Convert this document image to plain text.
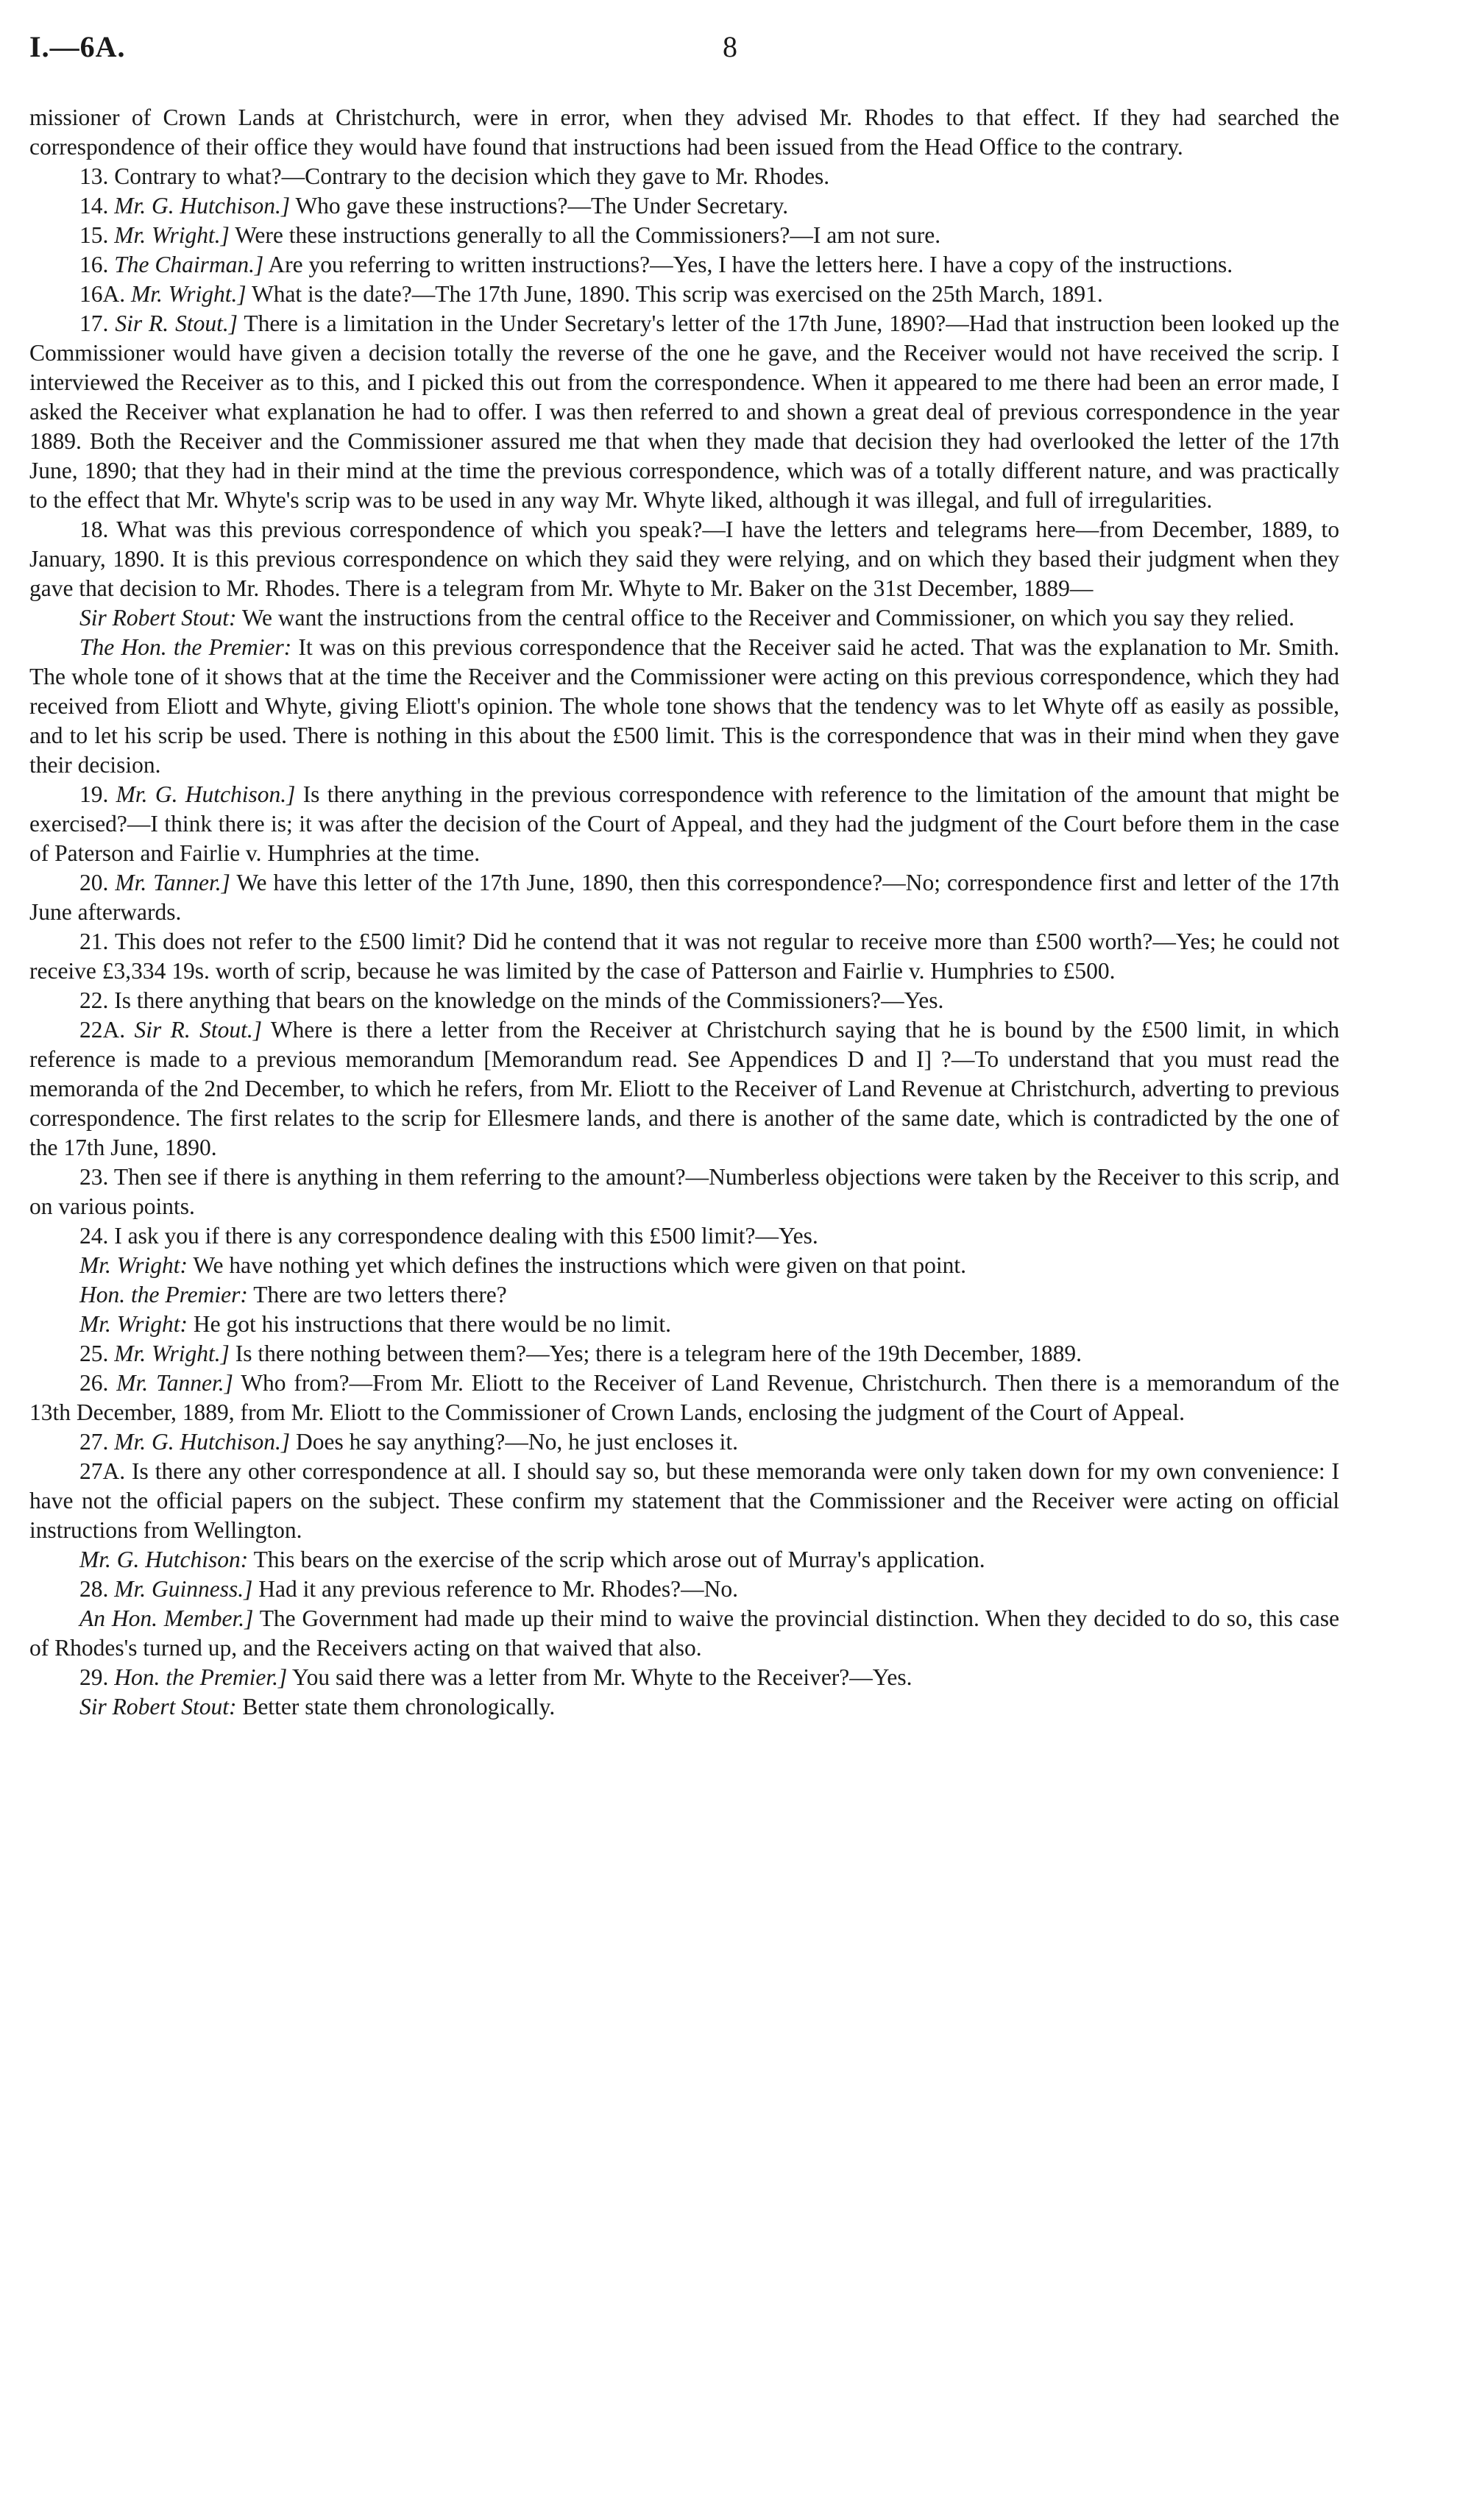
I.—6A.	8

missioner of Crown Lands at Christchurch, were in error, when they advised Mr. Rhodes to that effect. If they had searched the correspondence of their office they would have found that instructions had been issued from the Head Office to the contrary.

13. Contrary to what?—Contrary to the decision which they gave to Mr. Rhodes.

14. Mr. G. Hutchison.] Who gave these instructions?—The Under Secretary.

15. Mr. Wright.] Were these instructions generally to all the Commissioners?—I am not sure.

16. The Chairman.] Are you referring to written instructions?—Yes, I have the letters here. I have a copy of the instructions.

16A. Mr. Wright.] What is the date?—The 17th June, 1890. This scrip was exercised on the 25th March, 1891.

17. Sir R. Stout.] There is a limitation in the Under Secretary's letter of the 17th June, 1890?—Had that instruction been looked up the Commissioner would have given a decision totally the reverse of the one he gave, and the Receiver would not have received the scrip. I interviewed the Receiver as to this, and I picked this out from the correspondence. When it appeared to me there had been an error made, I asked the Receiver what explanation he had to offer. I was then referred to and shown a great deal of previous correspondence in the year 1889. Both the Receiver and the Commissioner assured me that when they made that decision they had overlooked the letter of the 17th June, 1890; that they had in their mind at the time the previous correspondence, which was of a totally different nature, and was practically to the effect that Mr. Whyte's scrip was to be used in any way Mr. Whyte liked, although it was illegal, and full of irregularities.

18. What was this previous correspondence of which you speak?—I have the letters and telegrams here—from December, 1889, to January, 1890. It is this previous correspondence on which they said they were relying, and on which they based their judgment when they gave that decision to Mr. Rhodes. There is a telegram from Mr. Whyte to Mr. Baker on the 31st December, 1889—

Sir Robert Stout: We want the instructions from the central office to the Receiver and Commissioner, on which you say they relied.

The Hon. the Premier: It was on this previous correspondence that the Receiver said he acted. That was the explanation to Mr. Smith. The whole tone of it shows that at the time the Receiver and the Commissioner were acting on this previous correspondence, which they had received from Eliott and Whyte, giving Eliott's opinion. The whole tone shows that the tendency was to let Whyte off as easily as possible, and to let his scrip be used. There is nothing in this about the £500 limit. This is the correspondence that was in their mind when they gave their decision.

19. Mr. G. Hutchison.] Is there anything in the previous correspondence with reference to the limitation of the amount that might be exercised?—I think there is; it was after the decision of the Court of Appeal, and they had the judgment of the Court before them in the case of Paterson and Fairlie v. Humphries at the time.

20. Mr. Tanner.] We have this letter of the 17th June, 1890, then this correspondence?—No; correspondence first and letter of the 17th June afterwards.

21. This does not refer to the £500 limit? Did he contend that it was not regular to receive more than £500 worth?—Yes; he could not receive £3,334 19s. worth of scrip, because he was limited by the case of Patterson and Fairlie v. Humphries to £500.

22. Is there anything that bears on the knowledge on the minds of the Commissioners?—Yes.

22A. Sir R. Stout.] Where is there a letter from the Receiver at Christchurch saying that he is bound by the £500 limit, in which reference is made to a previous memorandum [Memorandum read. See Appendices D and I] ?—To understand that you must read the memoranda of the 2nd December, to which he refers, from Mr. Eliott to the Receiver of Land Revenue at Christchurch, adverting to previous correspondence. The first relates to the scrip for Ellesmere lands, and there is another of the same date, which is contradicted by the one of the 17th June, 1890.

23. Then see if there is anything in them referring to the amount?—Numberless objections were taken by the Receiver to this scrip, and on various points.

24. I ask you if there is any correspondence dealing with this £500 limit?—Yes.

Mr. Wright: We have nothing yet which defines the instructions which were given on that point.

Hon. the Premier: There are two letters there?

Mr. Wright: He got his instructions that there would be no limit.

25. Mr. Wright.] Is there nothing between them?—Yes; there is a telegram here of the 19th December, 1889.

26. Mr. Tanner.] Who from?—From Mr. Eliott to the Receiver of Land Revenue, Christchurch. Then there is a memorandum of the 13th December, 1889, from Mr. Eliott to the Commissioner of Crown Lands, enclosing the judgment of the Court of Appeal.

27. Mr. G. Hutchison.] Does he say anything?—No, he just encloses it.

27A. Is there any other correspondence at all. I should say so, but these memoranda were only taken down for my own convenience: I have not the official papers on the subject. These confirm my statement that the Commissioner and the Receiver were acting on official instructions from Wellington.

Mr. G. Hutchison: This bears on the exercise of the scrip which arose out of Murray's application.

28. Mr. Guinness.] Had it any previous reference to Mr. Rhodes?—No.

An Hon. Member.] The Government had made up their mind to waive the provincial distinction. When they decided to do so, this case of Rhodes's turned up, and the Receivers acting on that waived that also.

29. Hon. the Premier.] You said there was a letter from Mr. Whyte to the Receiver?—Yes.

Sir Robert Stout: Better state them chronologically.
